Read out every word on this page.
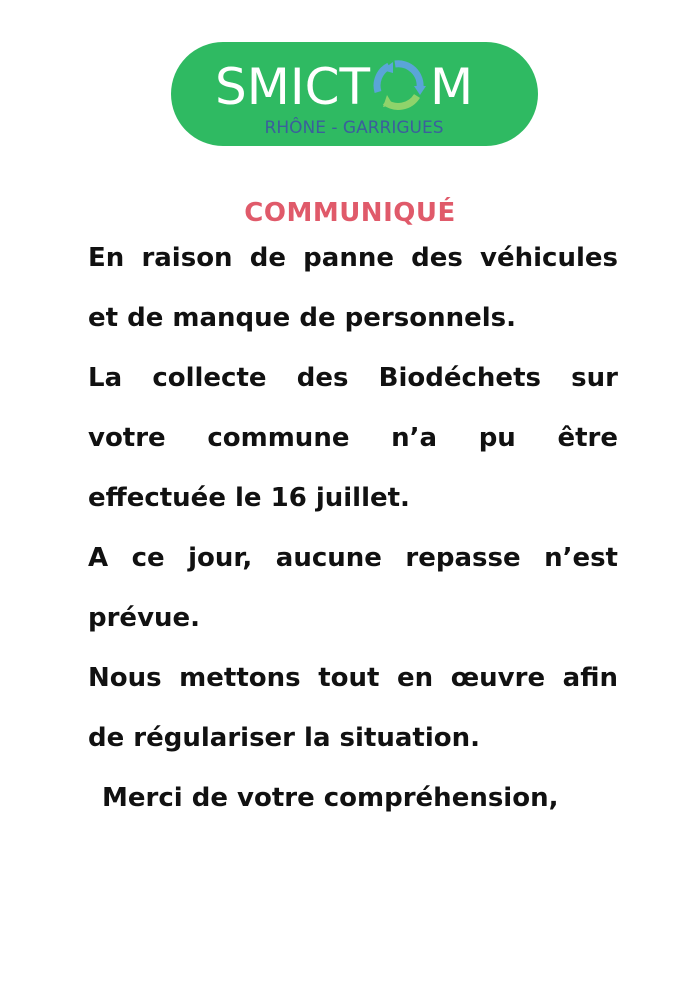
SMICT M
RHÔNE - GARRIGUES
COMMUNIQUÉ
En raison de panne des véhicules
et de manque de personnels.
La collecte des Biodéchets sur
votre commune n’a pu être
effectuée le 16 juillet.
A ce jour, aucune repasse n’est
prévue.
Nous mettons tout en œuvre afin
de régulariser la situation.
Merci de votre compréhension,
